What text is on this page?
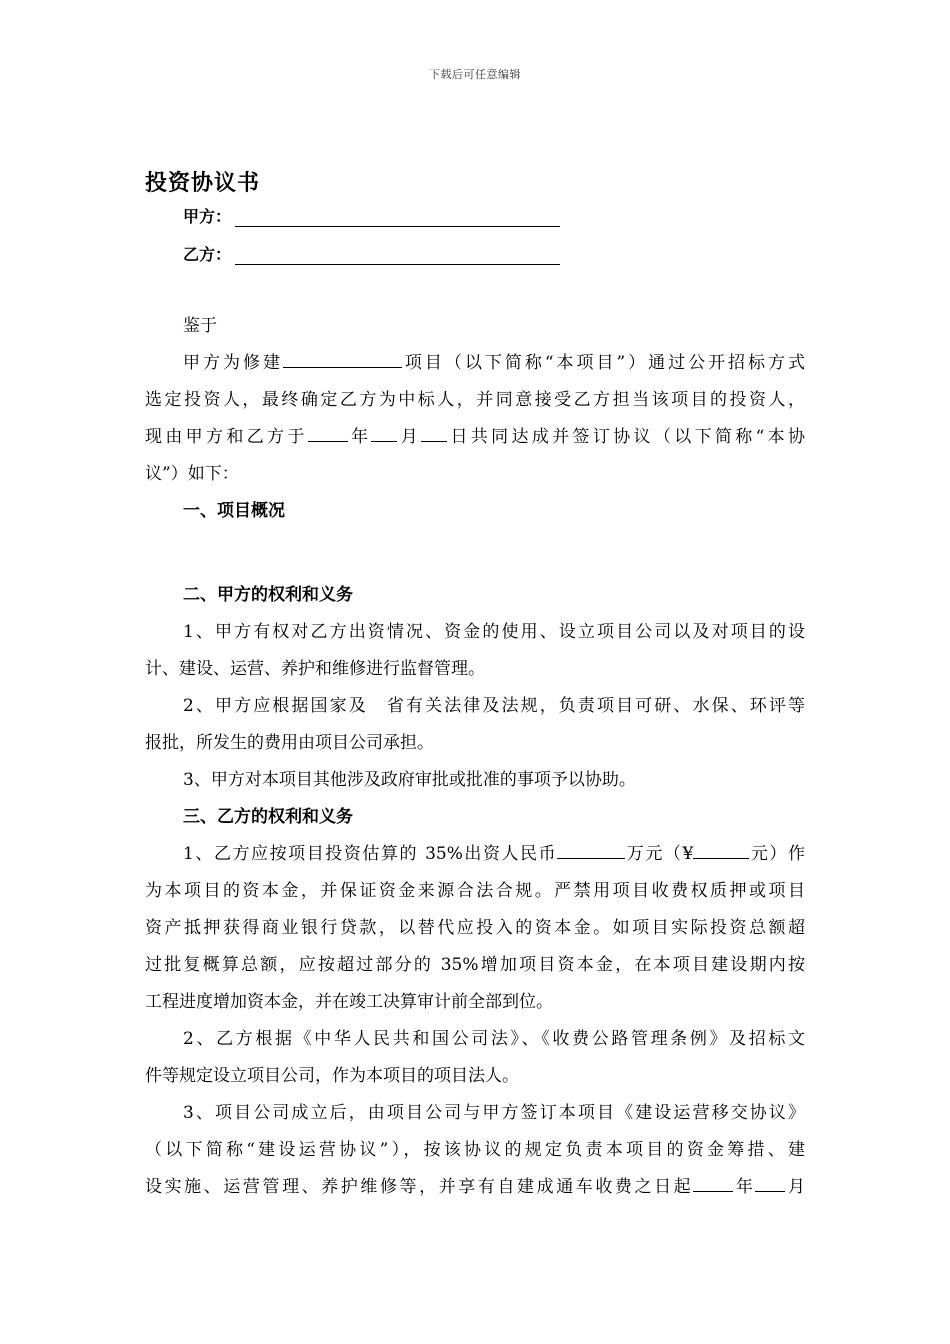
下载后可任意编辑
投资协议书
甲方：
乙方：
鉴于
甲方为修建	项目（以下简称“本项目”）通过公开招标方式
选定投资人，最终确定乙方为中标人，并同意接受乙方担当该项目的投资人，
现由甲方和乙方于 年 月 日共同达成并签订协议（以下简称“本协
议”）如下：
一、项目概况
二、甲方的权利和义务
1、甲方有权对乙方出资情况、资金的使用、设立项目公司以及对项目的设
计、建设、运营、养护和维修进行监督管理。
2、甲方应根据国家及　省有关法律及法规，负责项目可研、水保、环评等
报批，所发生的费用由项目公司承担。
3、甲方对本项目其他涉及政府审批或批准的事项予以协助。
三、乙方的权利和义务
1、乙方应按项目投资估算的 35%出资人民币	万元（¥	元）作
为本项目的资本金，并保证资金来源合法合规。严禁用项目收费权质押或项目
资产抵押获得商业银行贷款，以替代应投入的资本金。如项目实际投资总额超
过批复概算总额，应按超过部分的 35%增加项目资本金，在本项目建设期内按
工程进度增加资本金，并在竣工决算审计前全部到位。
2、乙方根据《中华人民共和国公司法》、《收费公路管理条例》及招标文
件等规定设立项目公司，作为本项目的项目法人。
3、项目公司成立后，由项目公司与甲方签订本项目《建设运营移交协议》
（以下简称“建设运营协议”），按该协议的规定负责本项目的资金筹措、建
设实施、运营管理、养护维修等，并享有自建成通车收费之日起 年 月
